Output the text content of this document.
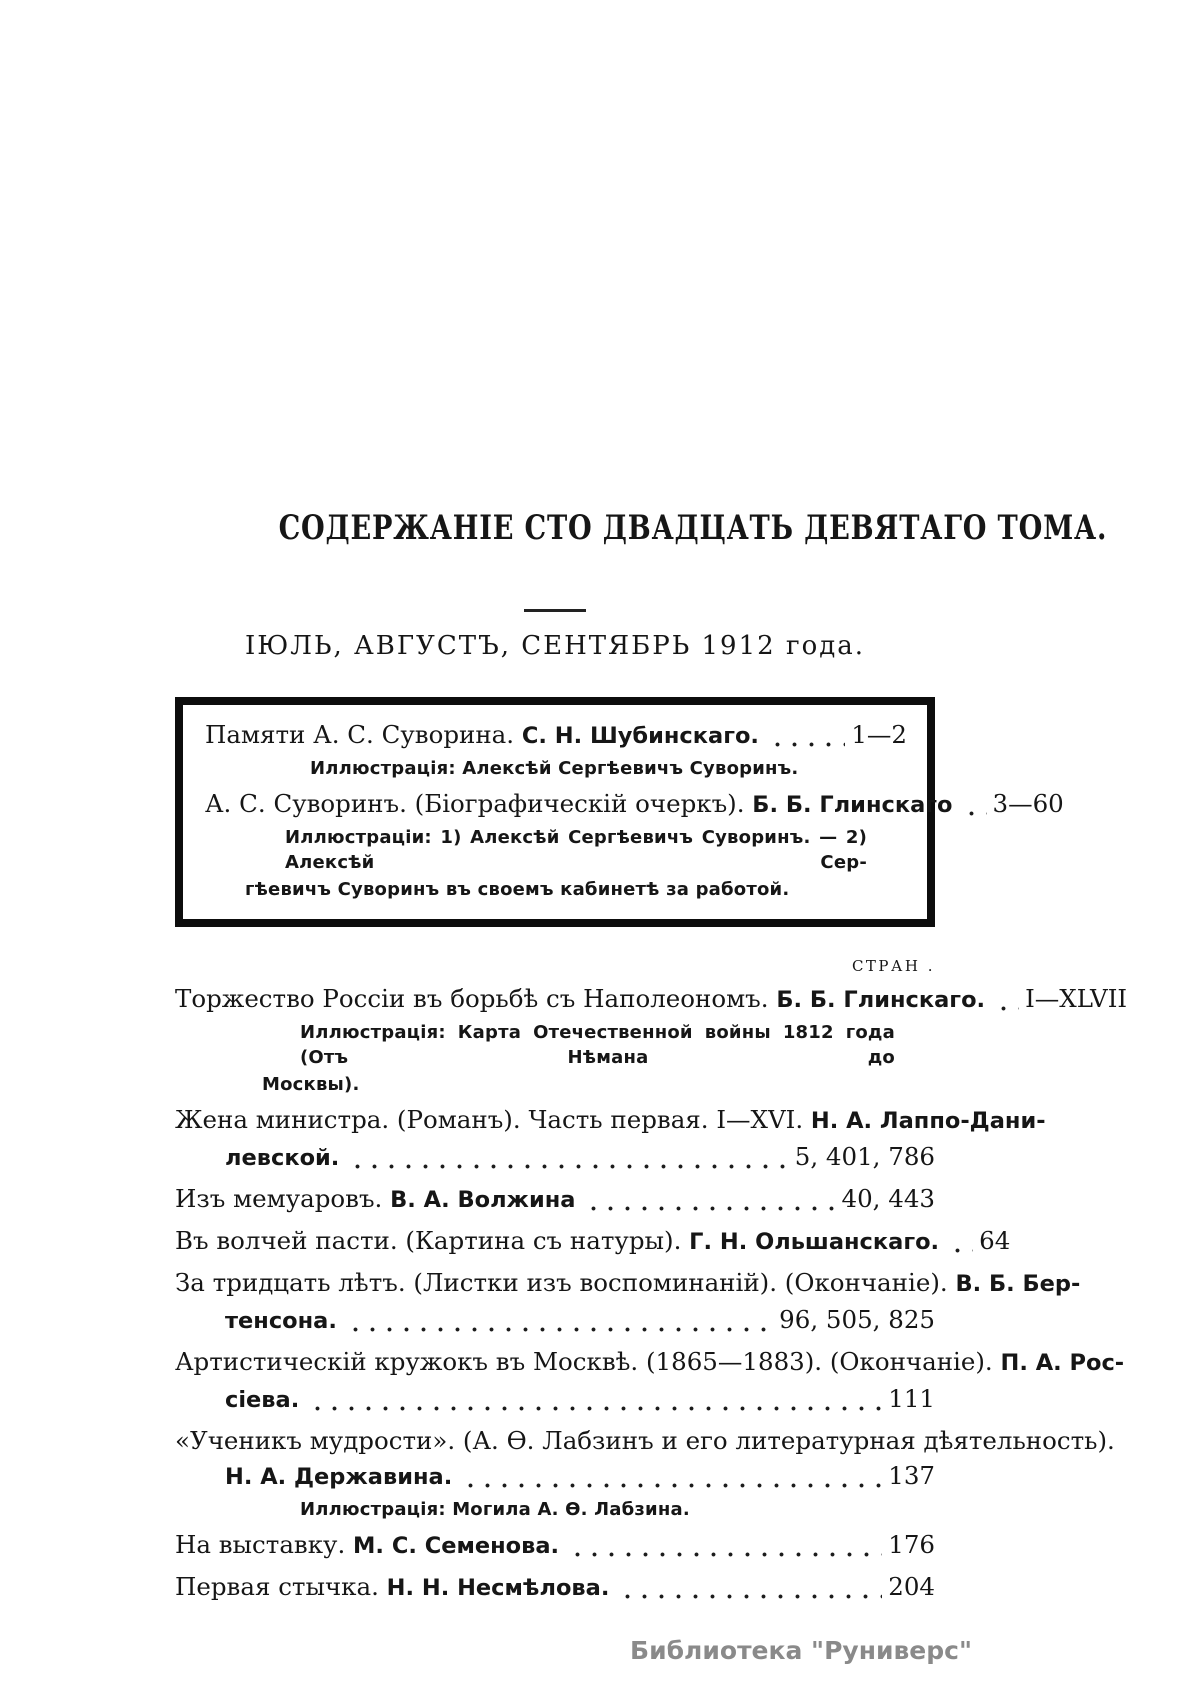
СОДЕРЖАНІЕ СТО ДВАДЦАТЬ ДЕВЯТАГО ТОМА.
ІЮЛЬ, АВГУСТЪ, СЕНТЯБРЬ 1912 года.
Памяти А. С. Суворина. С. Н. Шубинскаго.	1—2
Иллюстрація: Алексѣй Сергѣевичъ Суворинъ.
А. С. Суворинъ. (Біографическій очеркъ). Б. Б. Глинскаго 3—60
Иллюстраціи: 1) Алексѣй Сергѣевичъ Суворинъ. — 2) Алексѣй Сер-
гѣевичъ Суворинъ въ своемъ кабинетѣ за работой.
СТРАН .
Торжество Россіи въ борьбѣ съ Наполеономъ. Б. Б. Глинскаго. I—XLVII
Иллюстрація: Карта Отечественной войны 1812 года (Отъ Нѣмана до
Москвы).
Жена министра. (Романъ). Часть первая. I—XVI. Н. А. Лаппо-Дани-
левской.	5, 401, 786
Изъ мемуаровъ. В. А. Волжина	40, 443
Въ волчей пасти. (Картина съ натуры). Г. Н. Ольшанскаго. 64
За тридцать лѣтъ. (Листки изъ воспоминаній). (Окончаніе). В. Б. Бер-
тенсона.	96, 505, 825
Артистическій кружокъ въ Москвѣ. (1865—1883). (Окончаніе). П. А. Рос-
сіева.	111
«Ученикъ мудрости». (А. Ѳ. Лабзинъ и его литературная дѣятельность).
Н. А. Державина.	137
Иллюстрація: Могила А. Ѳ. Лабзина.
На выставку. М. С. Семенова.	176
Первая стычка. Н. Н. Несмѣлова.	204
Библиотека "Руниверс"
